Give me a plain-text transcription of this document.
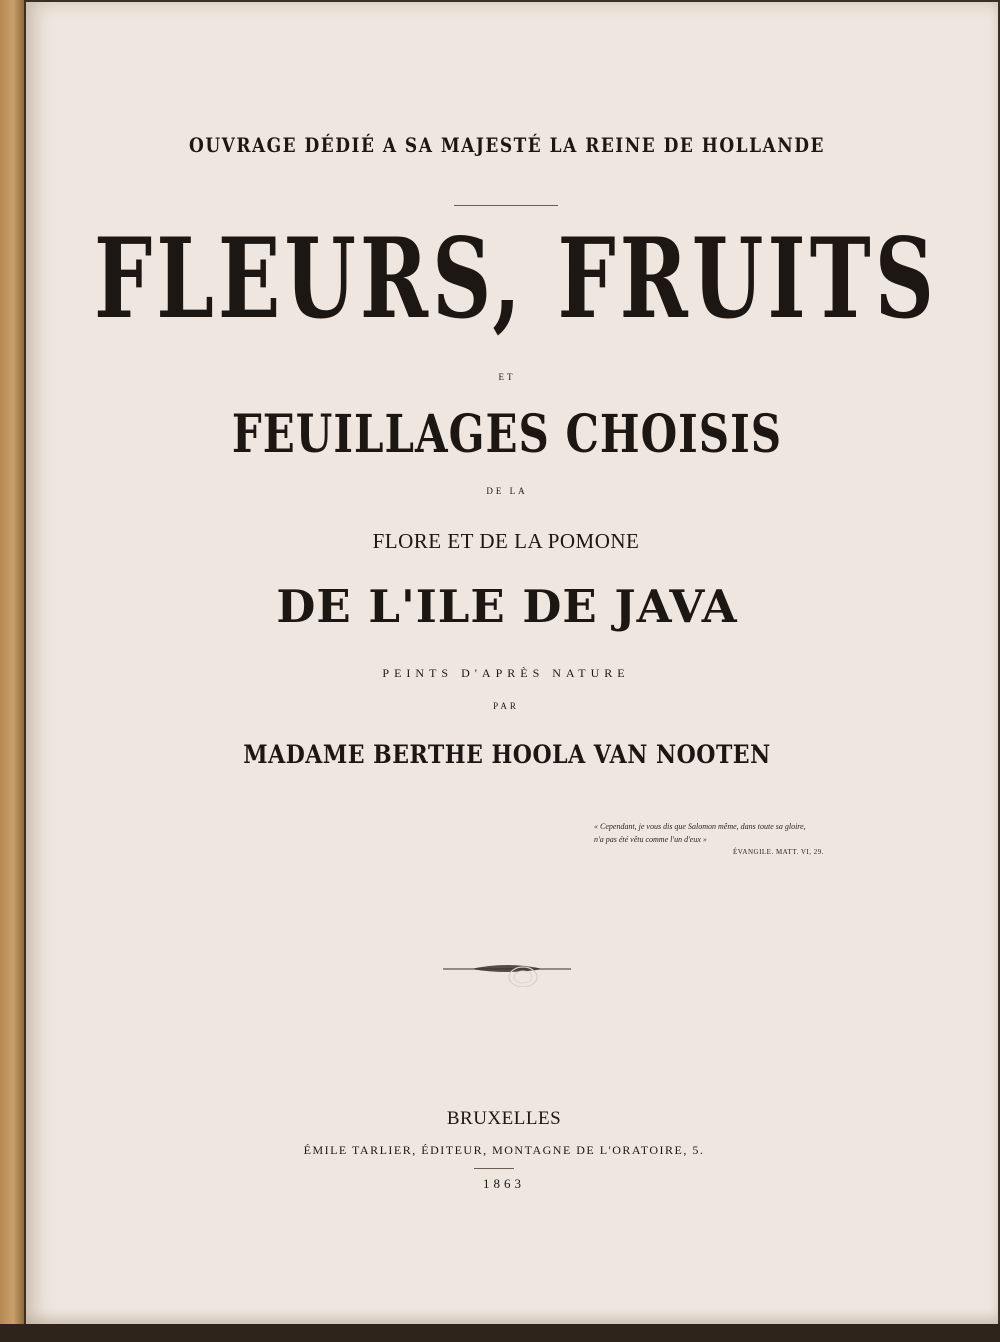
OUVRAGE DÉDIÉ A SA MAJESTÉ LA REINE DE HOLLANDE
FLEURS, FRUITS
ET
FEUILLAGES CHOISIS
DE LA
FLORE ET DE LA POMONE
DE L'ILE DE JAVA
PEINTS D'APRÈS NATURE
PAR
MADAME BERTHE HOOLA VAN NOOTEN
« Cependant, je vous dis que Salomon même, dans toute sa gloire,
n'a pas été vêtu comme l'un d'eux »
ÉVANGILE. MATT. VI, 29.
BRUXELLES
ÉMILE TARLIER, ÉDITEUR, MONTAGNE DE L'ORATOIRE, 5.
1863
